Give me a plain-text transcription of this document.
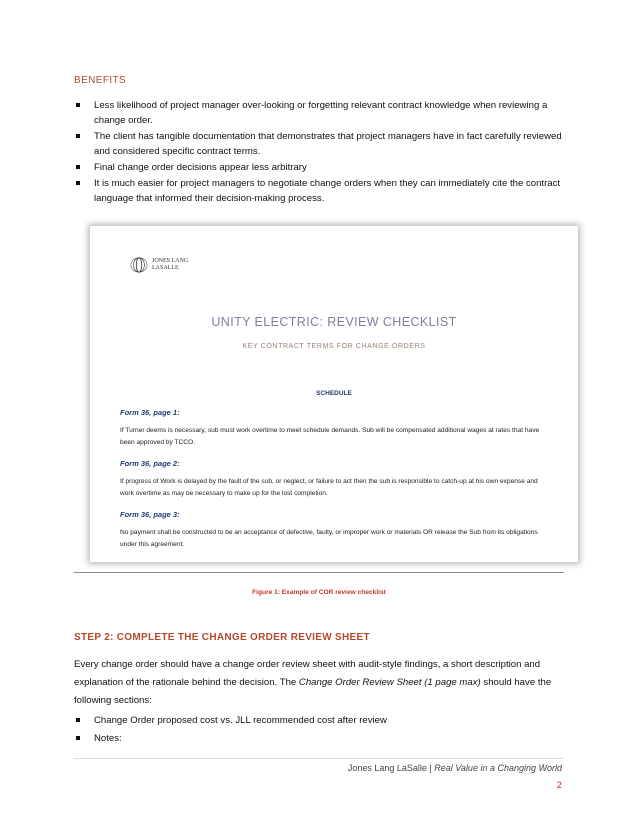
BENEFITS
Less likelihood of project manager over-looking or forgetting relevant contract knowledge when reviewing a change order.
The client has tangible documentation that demonstrates that project managers have in fact carefully reviewed and considered specific contract terms.
Final change order decisions appear less arbitrary
It is much easier for project managers to negotiate change orders when they can immediately cite the contract language that informed their decision-making process.
JONES LANG
LASALLE
UNITY ELECTRIC: REVIEW CHECKLIST
KEY CONTRACT TERMS FOR CHANGE ORDERS
SCHEDULE
Form 36, page 1:
If Turner deems is necessary, sub must work overtime to meet schedule demands. Sub will be compensated additional wages at rates that have been approved by TCCO.
Form 36, page 2:
If progress of Work is delayed by the fault of the sub, or neglect, or failure to act then the sub is responsible to catch-up at his own expense and work overtime as may be necessary to make up for the lost completion.
Form 36, page 3:
No payment shall be constructed to be an acceptance of defective, faulty, or improper work or materials OR release the Sub from its obligations under this agreement.
Figure 1: Example of COR review checklist
STEP 2: COMPLETE THE CHANGE ORDER REVIEW SHEET
Every change order should have a change order review sheet with audit-style findings, a short description and explanation of the rationale behind the decision. The Change Order Review Sheet (1 page max) should have the following sections:
Change Order proposed cost vs. JLL recommended cost after review
Notes:
Jones Lang LaSalle | Real Value in a Changing World
2
